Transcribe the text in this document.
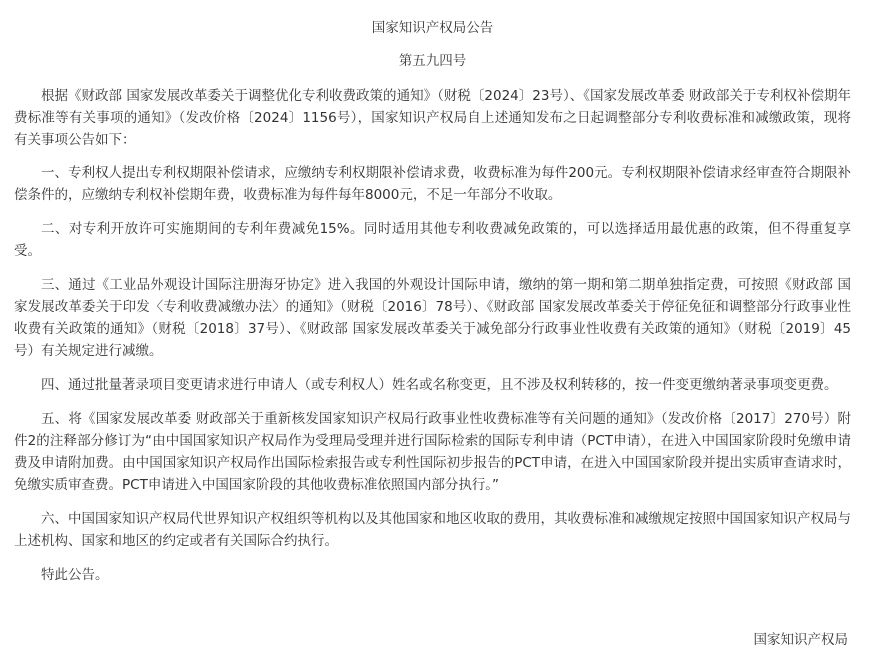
国家知识产权局公告

第五九四号

根据《财政部 国家发展改革委关于调整优化专利收费政策的通知》（财税〔2024〕23号）、《国家发展改革委 财政部关于专利权补偿期年费标准等有关事项的通知》（发改价格〔2024〕1156号），国家知识产权局自上述通知发布之日起调整部分专利收费标准和减缴政策，现将有关事项公告如下：

一、专利权人提出专利权期限补偿请求，应缴纳专利权期限补偿请求费，收费标准为每件200元。专利权期限补偿请求经审查符合期限补偿条件的，应缴纳专利权补偿期年费，收费标准为每件每年8000元，不足一年部分不收取。

二、对专利开放许可实施期间的专利年费减免15%。同时适用其他专利收费减免政策的，可以选择适用最优惠的政策，但不得重复享受。

三、通过《工业品外观设计国际注册海牙协定》进入我国的外观设计国际申请，缴纳的第一期和第二期单独指定费，可按照《财政部 国家发展改革委关于印发〈专利收费减缴办法〉的通知》（财税〔2016〕78号）、《财政部 国家发展改革委关于停征免征和调整部分行政事业性收费有关政策的通知》（财税〔2018〕37号）、《财政部 国家发展改革委关于减免部分行政事业性收费有关政策的通知》（财税〔2019〕45号）有关规定进行减缴。

四、通过批量著录项目变更请求进行申请人（或专利权人）姓名或名称变更，且不涉及权利转移的，按一件变更缴纳著录事项变更费。

五、将《国家发展改革委 财政部关于重新核发国家知识产权局行政事业性收费标准等有关问题的通知》（发改价格〔2017〕270号）附件2的注释部分修订为“由中国国家知识产权局作为受理局受理并进行国际检索的国际专利申请（PCT申请），在进入中国国家阶段时免缴申请费及申请附加费。由中国国家知识产权局作出国际检索报告或专利性国际初步报告的PCT申请，在进入中国国家阶段并提出实质审查请求时，免缴实质审查费。PCT申请进入中国国家阶段的其他收费标准依照国内部分执行。”

六、中国国家知识产权局代世界知识产权组织等机构以及其他国家和地区收取的费用，其收费标准和减缴规定按照中国国家知识产权局与上述机构、国家和地区的约定或者有关国际合约执行。

特此公告。

国家知识产权局
